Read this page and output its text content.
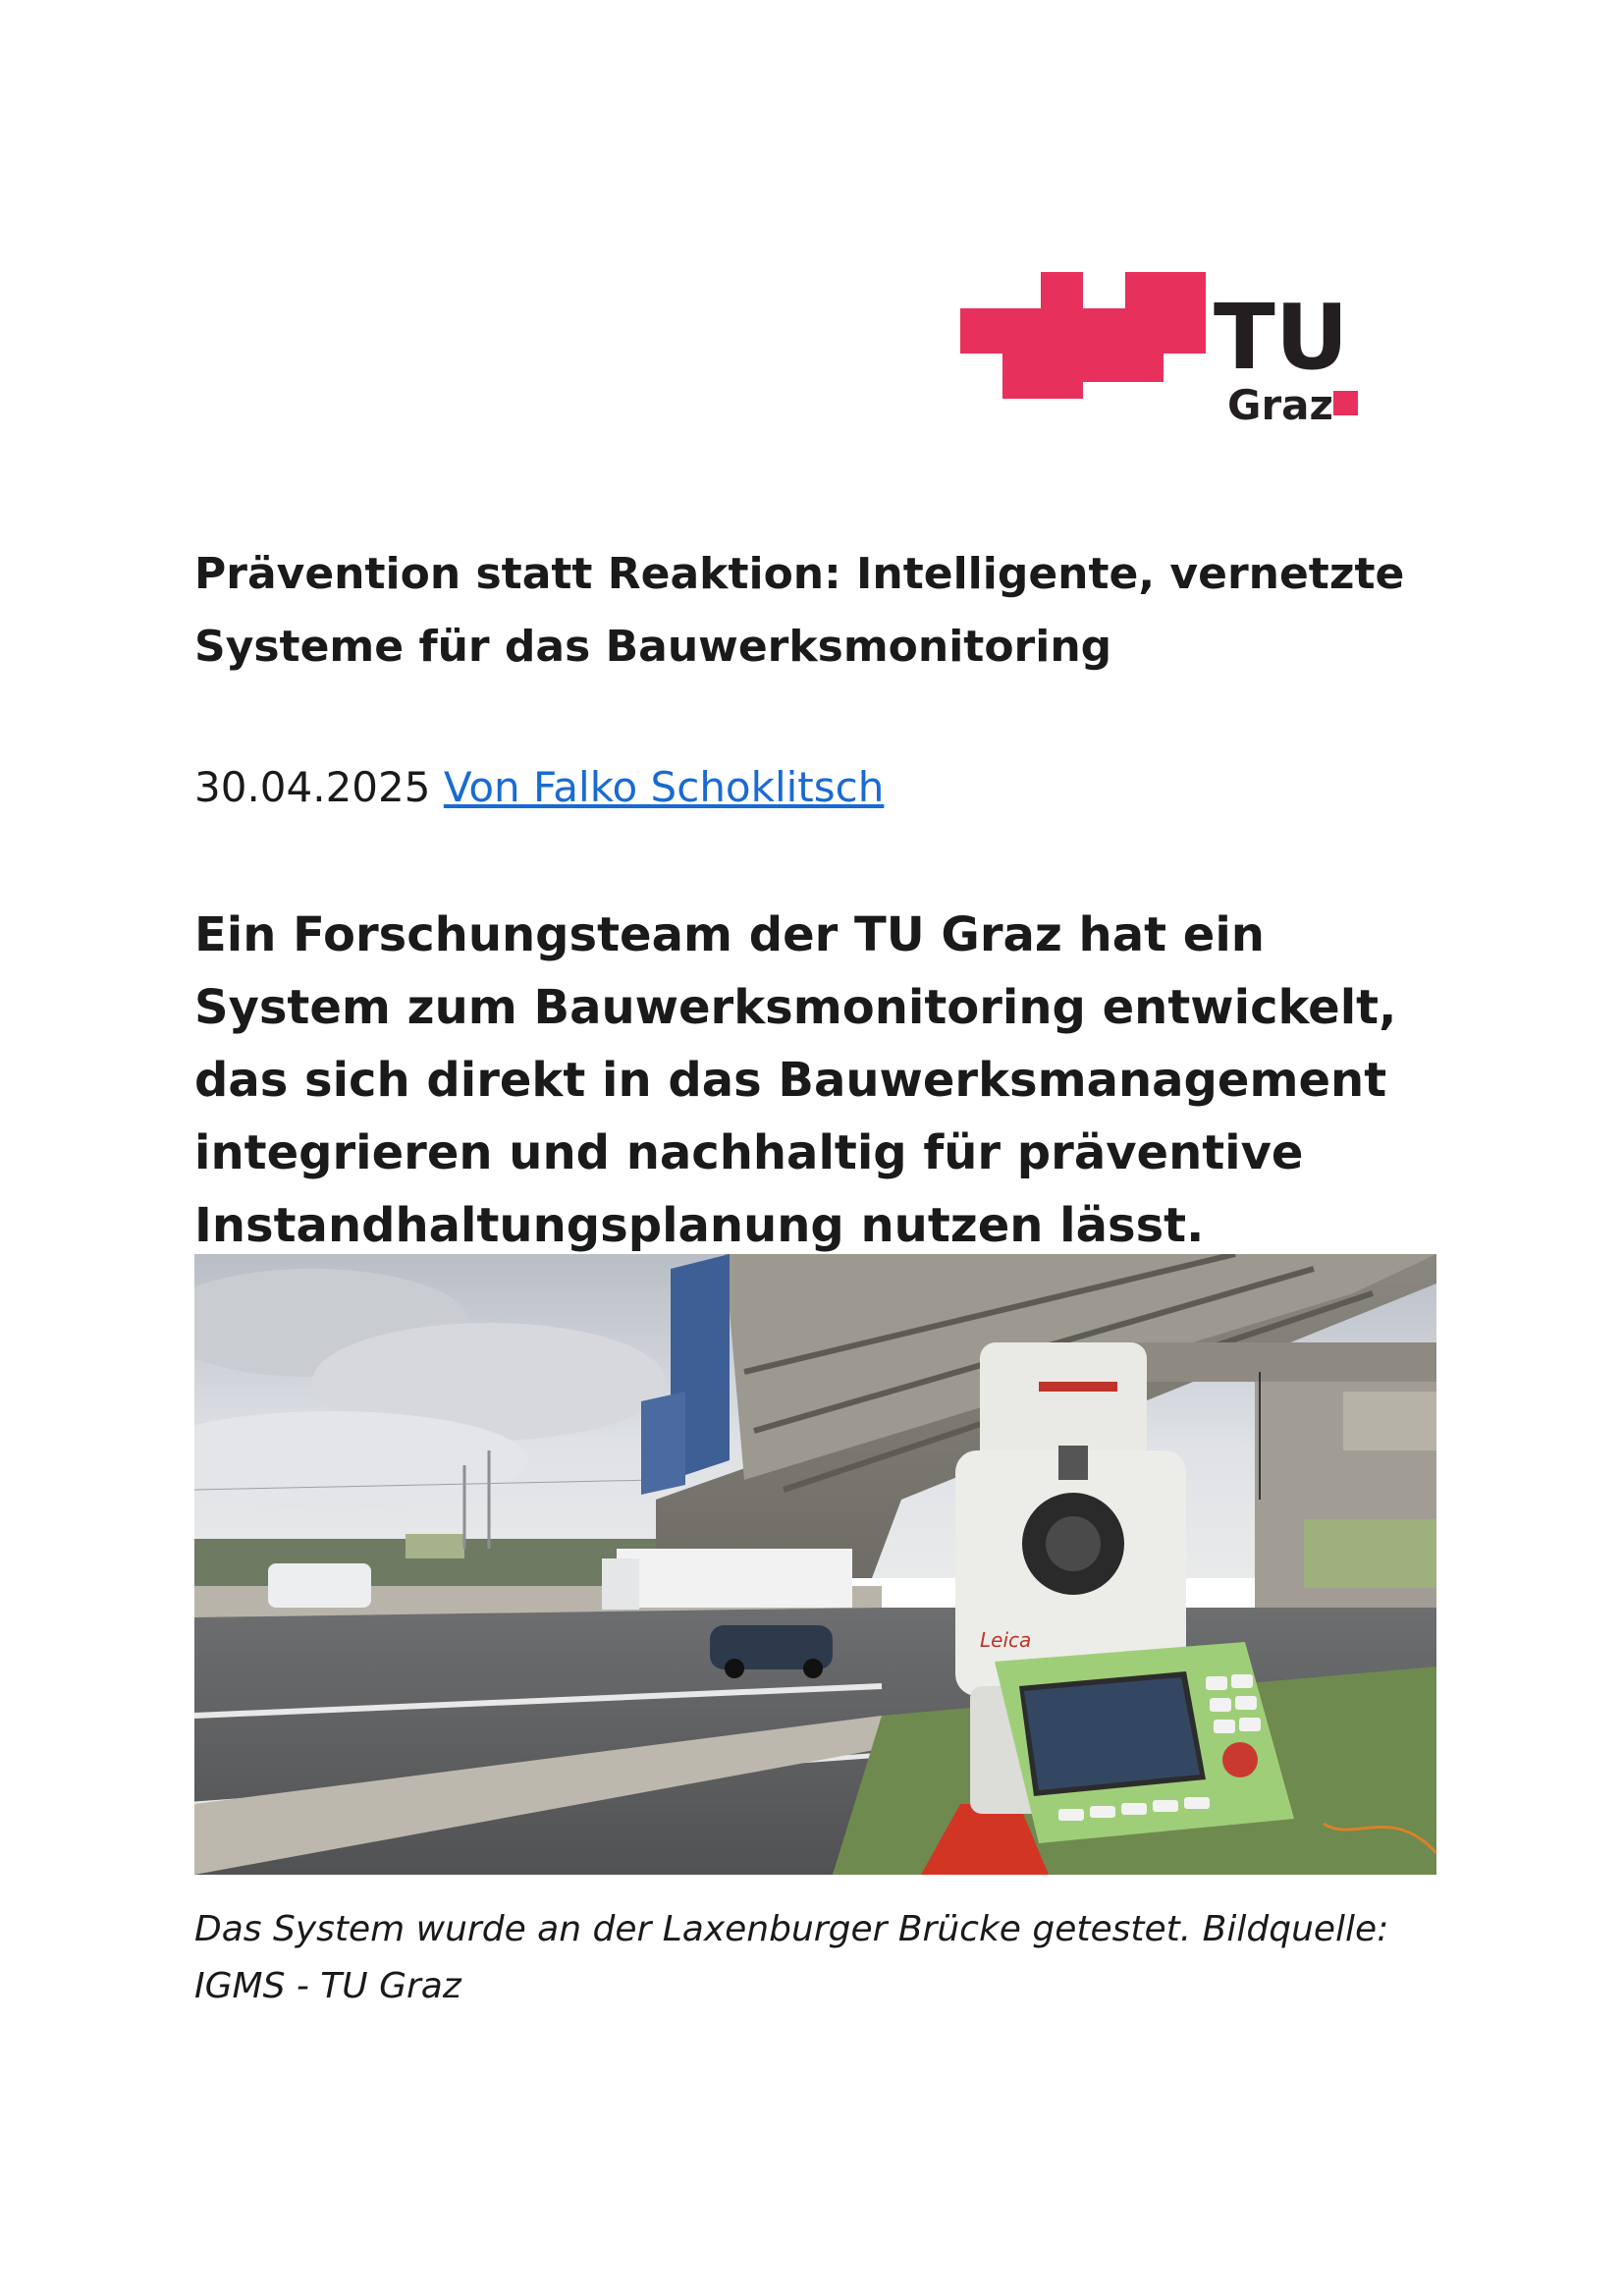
TU
Graz
Prävention statt Reaktion: Intelligente, vernetzte Systeme für das Bauwerksmonitoring
30.04.2025 Von Falko Schoklitsch

Ein Forschungsteam der TU Graz hat ein System zum Bauwerksmonitoring entwickelt, das sich direkt in das Bauwerksmanagement integrieren und nachhaltig für präventive Instandhaltungsplanung nutzen lässt.

Leica

Das System wurde an der Laxenburger Brücke getestet. Bildquelle: IGMS - TU Graz
